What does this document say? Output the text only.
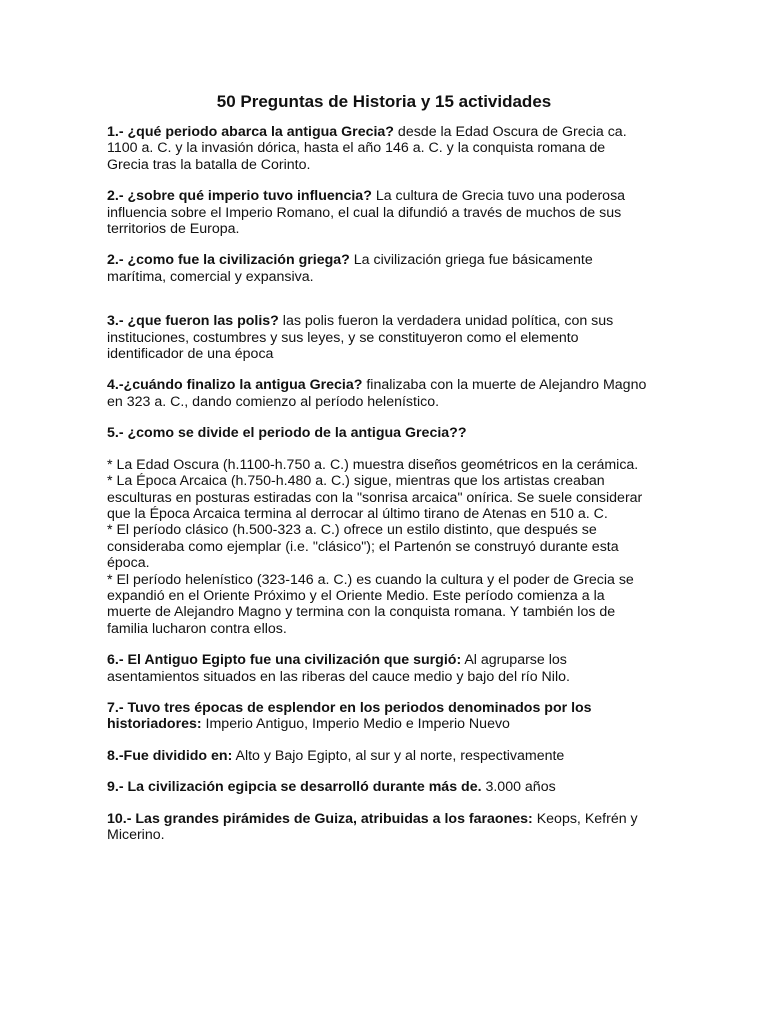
50 Preguntas de Historia y 15 actividades

1.- ¿qué periodo abarca la antigua Grecia? desde la Edad Oscura de Grecia ca. 1100 a. C. y la invasión dórica, hasta el año 146 a. C. y la conquista romana de Grecia tras la batalla de Corinto.

2.- ¿sobre qué imperio tuvo influencia? La cultura de Grecia tuvo una poderosa influencia sobre el Imperio Romano, el cual la difundió a través de muchos de sus territorios de Europa.

2.- ¿como fue la civilización griega? La civilización griega fue básicamente marítima, comercial y expansiva.

3.- ¿que fueron las polis? las polis fueron la verdadera unidad política, con sus instituciones, costumbres y sus leyes, y se constituyeron como el elemento identificador de una época

4.-¿cuándo finalizo la antigua Grecia? finalizaba con la muerte de Alejandro Magno en 323 a. C., dando comienzo al período helenístico.

5.- ¿como se divide el periodo de la antigua Grecia??

* La Edad Oscura (h.1100-h.750 a. C.) muestra diseños geométricos en la cerámica.

* La Época Arcaica (h.750-h.480 a. C.) sigue, mientras que los artistas creaban esculturas en posturas estiradas con la "sonrisa arcaica" onírica. Se suele considerar que la Época Arcaica termina al derrocar al último tirano de Atenas en 510 a. C.

* El período clásico (h.500-323 a. C.) ofrece un estilo distinto, que después se consideraba como ejemplar (i.e. "clásico"); el Partenón se construyó durante esta época.

* El período helenístico (323-146 a. C.) es cuando la cultura y el poder de Grecia se expandió en el Oriente Próximo y el Oriente Medio. Este período comienza a la muerte de Alejandro Magno y termina con la conquista romana. Y también los de familia lucharon contra ellos.

6.- El Antiguo Egipto fue una civilización que surgió: Al agruparse los asentamientos situados en las riberas del cauce medio y bajo del río Nilo.

7.- Tuvo tres épocas de esplendor en los periodos denominados por los historiadores: Imperio Antiguo, Imperio Medio e Imperio Nuevo

8.-Fue dividido en: Alto y Bajo Egipto, al sur y al norte, respectivamente

9.- La civilización egipcia se desarrolló durante más de. 3.000 años

10.- Las grandes pirámides de Guiza, atribuidas a los faraones: Keops, Kefrén y Micerino.
